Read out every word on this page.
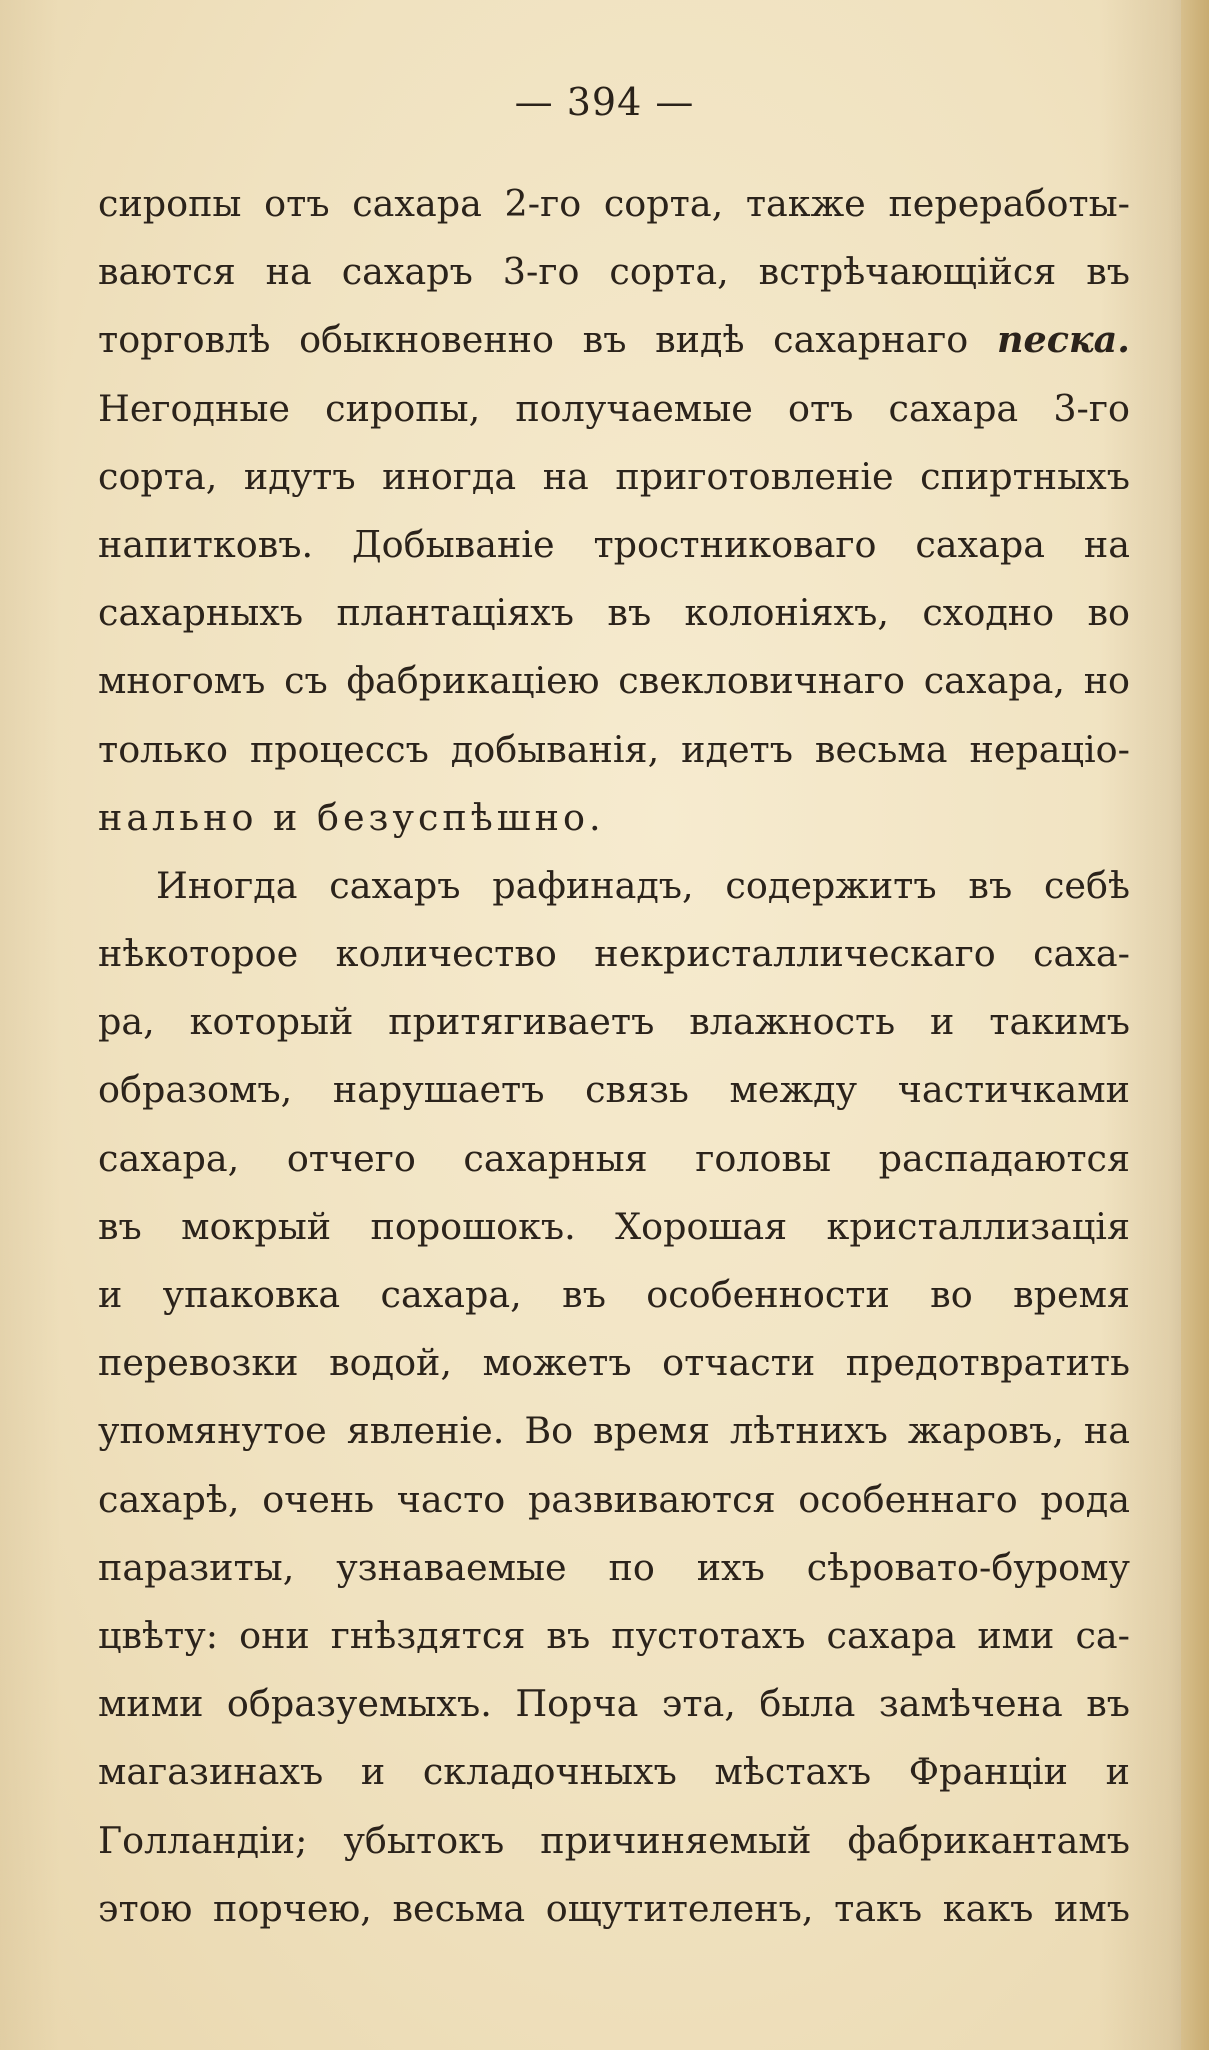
— 394 —
сиропы отъ сахара 2-го сорта, также переработы-
ваются на сахаръ 3-го сорта, встрѣчающійся въ
торговлѣ обыкновенно въ видѣ сахарнаго песка.
Негодные сиропы, получаемые отъ сахара 3-го
сорта, идутъ иногда на приготовленіе спиртныхъ
напитковъ. Добываніе тростниковаго сахара на
сахарныхъ плантаціяхъ въ колоніяхъ, сходно во
многомъ съ фабрикаціею свекловичнаго сахара, но
только процессъ добыванія, идетъ весьма нераціо-
нально и безуспѣшно.
Иногда сахаръ рафинадъ, содержитъ въ себѣ
нѣкоторое количество некристаллическаго саха-
ра, который притягиваетъ влажность и такимъ
образомъ, нарушаетъ связь между частичками
сахара, отчего сахарныя головы распадаются
въ мокрый порошокъ. Хорошая кристаллизація
и упаковка сахара, въ особенности во время
перевозки водой, можетъ отчасти предотвратить
упомянутое явленіе. Во время лѣтнихъ жаровъ, на
сахарѣ, очень часто развиваются особеннаго рода
паразиты, узнаваемые по ихъ сѣровато-бурому
цвѣту: они гнѣздятся въ пустотахъ сахара ими са-
мими образуемыхъ. Порча эта, была замѣчена въ
магазинахъ и складочныхъ мѣстахъ Франціи и
Голландіи; убытокъ причиняемый фабрикантамъ
этою порчею, весьма ощутителенъ, такъ какъ имъ
